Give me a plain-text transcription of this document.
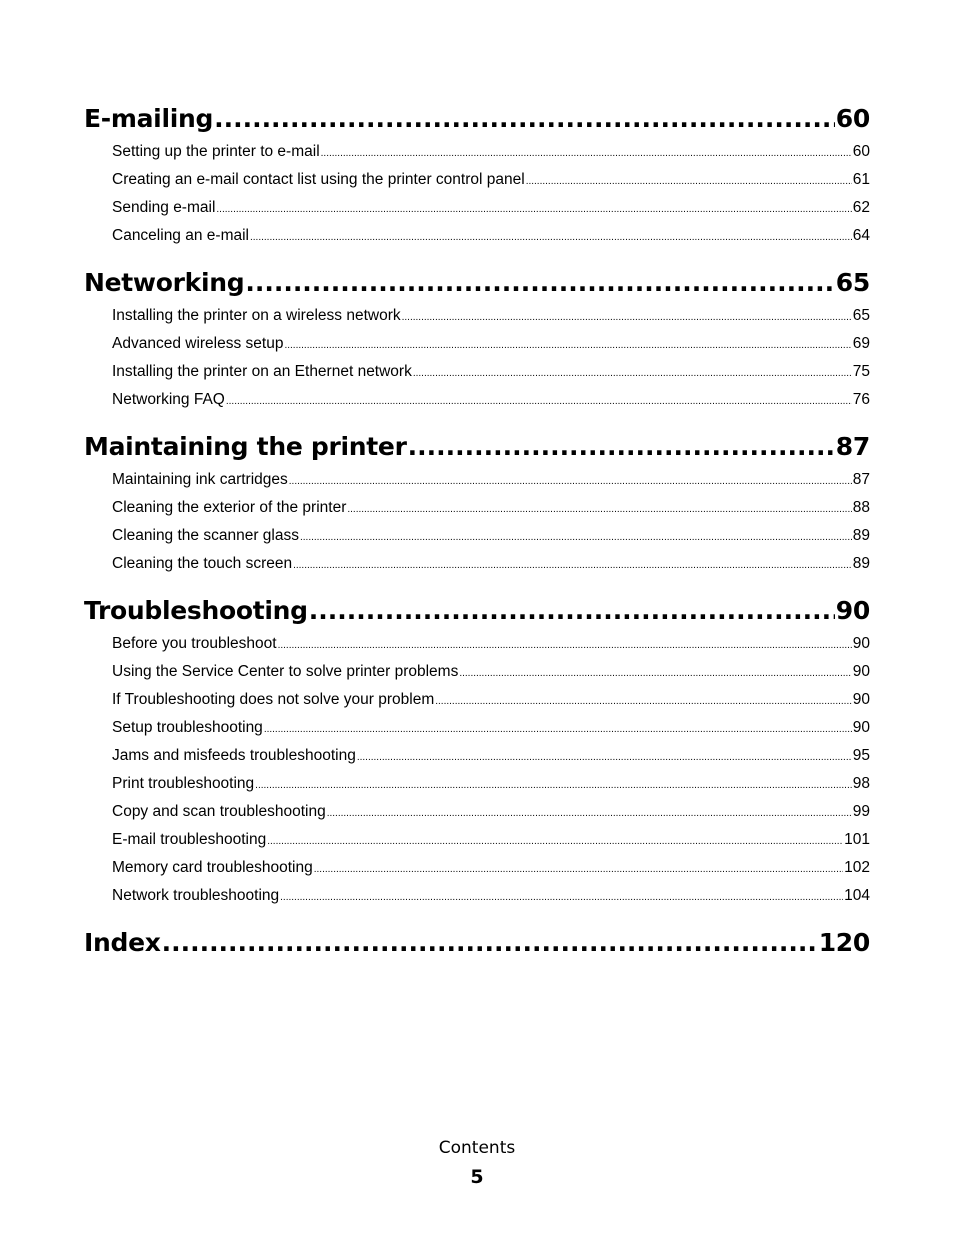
E-mailing .....	60
Setting up the printer to e-mail .....	60
Creating an e-mail contact list using the printer control panel .....	61
Sending e-mail .....	62
Canceling an e-mail .....	64
Networking .....	65
Installing the printer on a wireless network .....	65
Advanced wireless setup .....	69
Installing the printer on an Ethernet network .....	75
Networking FAQ .....	76
Maintaining the printer .....	87
Maintaining ink cartridges .....	87
Cleaning the exterior of the printer .....	88
Cleaning the scanner glass .....	89
Cleaning the touch screen .....	89
Troubleshooting .....	90
Before you troubleshoot .....	90
Using the Service Center to solve printer problems .....	90
If Troubleshooting does not solve your problem .....	90
Setup troubleshooting .....	90
Jams and misfeeds troubleshooting .....	95
Print troubleshooting .....	98
Copy and scan troubleshooting .....	99
E-mail troubleshooting .....	101
Memory card troubleshooting .....	102
Network troubleshooting .....	104
Index .....	120
Contents
5
